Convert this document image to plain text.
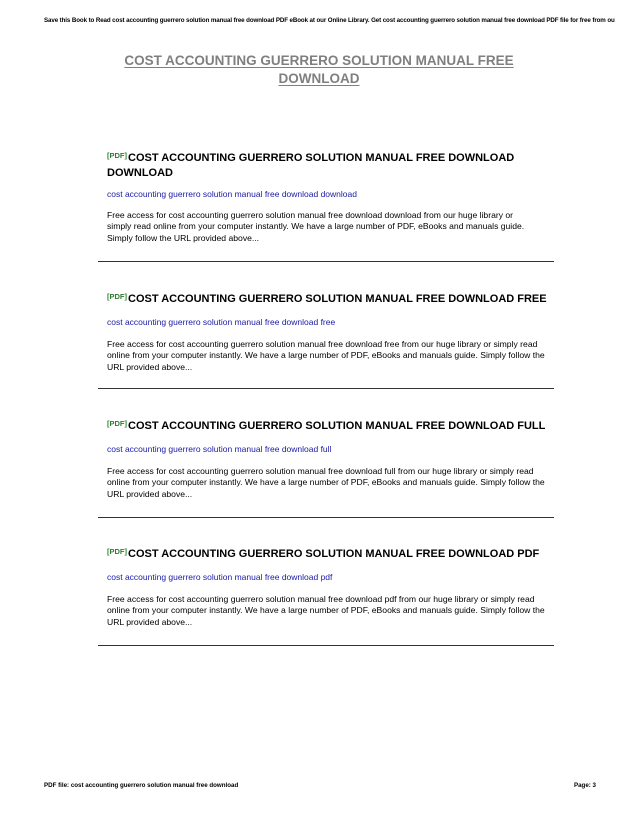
Save this Book to Read cost accounting guerrero solution manual free download PDF eBook at our Online Library. Get cost accounting guerrero solution manual free download PDF file for free from ou
COST ACCOUNTING GUERRERO SOLUTION MANUAL FREE DOWNLOAD
[PDF]COST ACCOUNTING GUERRERO SOLUTION MANUAL FREE DOWNLOAD DOWNLOAD
cost accounting guerrero solution manual free download download

Free access for cost accounting guerrero solution manual free download download from our huge library or simply read online from your computer instantly. We have a large number of PDF, eBooks and manuals guide. Simply follow the URL provided above...

[PDF]COST ACCOUNTING GUERRERO SOLUTION MANUAL FREE DOWNLOAD FREE
cost accounting guerrero solution manual free download free

Free access for cost accounting guerrero solution manual free download free from our huge library or simply read online from your computer instantly. We have a large number of PDF, eBooks and manuals guide. Simply follow the URL provided above...

[PDF]COST ACCOUNTING GUERRERO SOLUTION MANUAL FREE DOWNLOAD FULL
cost accounting guerrero solution manual free download full

Free access for cost accounting guerrero solution manual free download full from our huge library or simply read online from your computer instantly. We have a large number of PDF, eBooks and manuals guide. Simply follow the URL provided above...

[PDF]COST ACCOUNTING GUERRERO SOLUTION MANUAL FREE DOWNLOAD PDF
cost accounting guerrero solution manual free download pdf

Free access for cost accounting guerrero solution manual free download pdf from our huge library or simply read online from your computer instantly. We have a large number of PDF, eBooks and manuals guide. Simply follow the URL provided above...

PDF file: cost accounting guerrero solution manual free download	Page: 3
